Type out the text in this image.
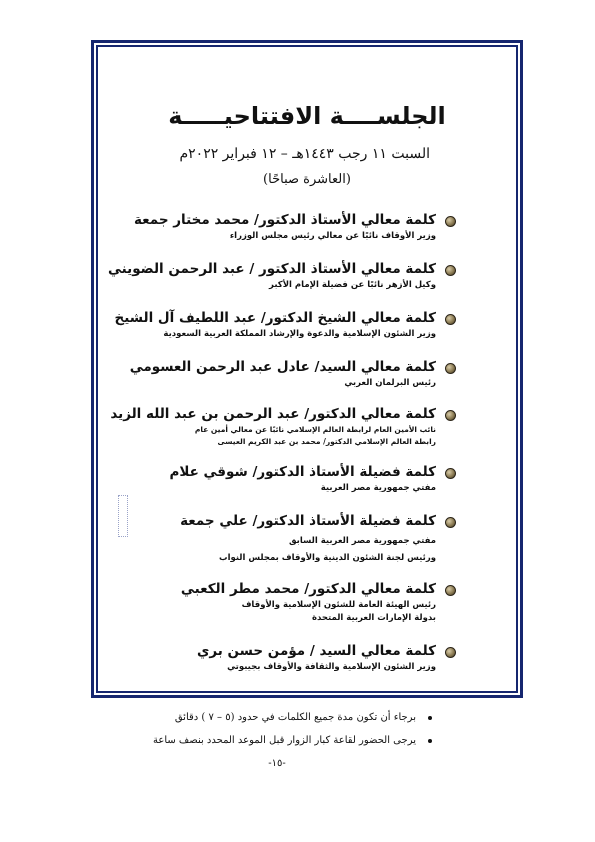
الجلســــة الافتتاحيـــــة
السبت ١١ رجب ١٤٤٣هـ – ١٢ فبراير ٢٠٢٢م
(العاشرة صباحًا)
كلمة معالي الأستاذ الدكتور/ محمد مختار جمعة
وزير الأوقاف نائبًا عن معالي رئيس مجلس الوزراء
كلمة معالي الأستاذ الدكتور / عبد الرحمن الضويني
وكيل الأزهر نائبًا عن فضيلة الإمام الأكبر
كلمة معالي الشيخ الدكتور/ عبد اللطيف آل الشيخ
وزير الشئون الإسلامية والدعوة والإرشاد المملكة العربية السعودية
كلمة معالي السيد/ عادل عبد الرحمن العسومي
رئيس البرلمان العربي
كلمة معالي الدكتور/ عبد الرحمن بن عبد الله الزيد
نائب الأمين العام لرابطة العالم الإسلامي نائبًا عن معالي أمين عام
رابطة العالم الإسلامي الدكتور/ محمد بن عبد الكريم العيسى
كلمة فضيلة الأستاذ الدكتور/ شوقي علام
مفتي جمهورية مصر العربية
كلمة فضيلة الأستاذ الدكتور/ علي جمعة
مفتي جمهورية مصر العربية السابق
ورئيس لجنة الشئون الدينية والأوقاف بمجلس النواب
كلمة معالي الدكتور/ محمد مطر الكعبي
رئيس الهيئة العامة للشئون الإسلامية والأوقاف
بدولة الإمارات العربية المتحدة
كلمة معالي السيد / مؤمن حسن بري
وزير الشئون الإسلامية والثقافة والأوقاف بجيبوتي
برجاء أن تكون مدة جميع الكلمات في حدود (٥ – ٧ ) دقائق
يرجى الحضور لقاعة كبار الزوار قبل الموعد المحدد بنصف ساعة
-١٥-
